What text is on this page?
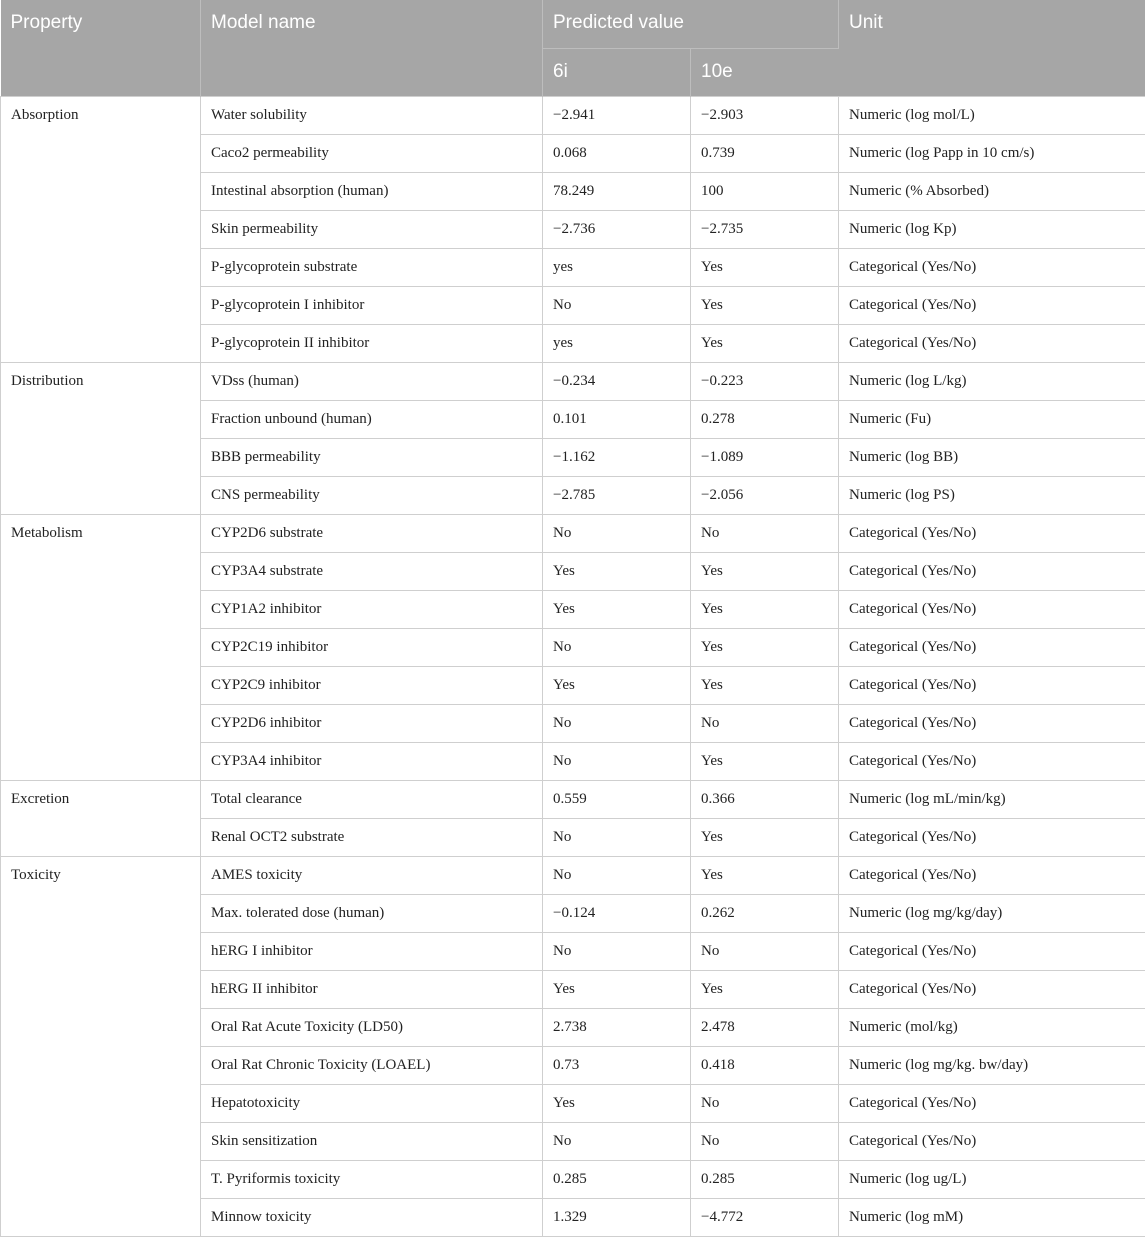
Property	Model name	Predicted value		Unit
		6i	10e	
Absorption	Water solubility	−2.941	−2.903	Numeric (log mol/L)
	Caco2 permeability	0.068	0.739	Numeric (log Papp in 10 cm/s)
	Intestinal absorption (human)	78.249	100	Numeric (% Absorbed)
	Skin permeability	−2.736	−2.735	Numeric (log Kp)
	P-glycoprotein substrate	yes	Yes	Categorical (Yes/No)
	P-glycoprotein I inhibitor	No	Yes	Categorical (Yes/No)
	P-glycoprotein II inhibitor	yes	Yes	Categorical (Yes/No)
Distribution	VDss (human)	−0.234	−0.223	Numeric (log L/kg)
	Fraction unbound (human)	0.101	0.278	Numeric (Fu)
	BBB permeability	−1.162	−1.089	Numeric (log BB)
	CNS permeability	−2.785	−2.056	Numeric (log PS)
Metabolism	CYP2D6 substrate	No	No	Categorical (Yes/No)
	CYP3A4 substrate	Yes	Yes	Categorical (Yes/No)
	CYP1A2 inhibitor	Yes	Yes	Categorical (Yes/No)
	CYP2C19 inhibitor	No	Yes	Categorical (Yes/No)
	CYP2C9 inhibitor	Yes	Yes	Categorical (Yes/No)
	CYP2D6 inhibitor	No	No	Categorical (Yes/No)
	CYP3A4 inhibitor	No	Yes	Categorical (Yes/No)
Excretion	Total clearance	0.559	0.366	Numeric (log mL/min/kg)
	Renal OCT2 substrate	No	Yes	Categorical (Yes/No)
Toxicity	AMES toxicity	No	Yes	Categorical (Yes/No)
	Max. tolerated dose (human)	−0.124	0.262	Numeric (log mg/kg/day)
	hERG I inhibitor	No	No	Categorical (Yes/No)
	hERG II inhibitor	Yes	Yes	Categorical (Yes/No)
	Oral Rat Acute Toxicity (LD50)	2.738	2.478	Numeric (mol/kg)
	Oral Rat Chronic Toxicity (LOAEL)	0.73	0.418	Numeric (log mg/kg. bw/day)
	Hepatotoxicity	Yes	No	Categorical (Yes/No)
	Skin sensitization	No	No	Categorical (Yes/No)
	T. Pyriformis toxicity	0.285	0.285	Numeric (log ug/L)
	Minnow toxicity	1.329	−4.772	Numeric (log mM)
